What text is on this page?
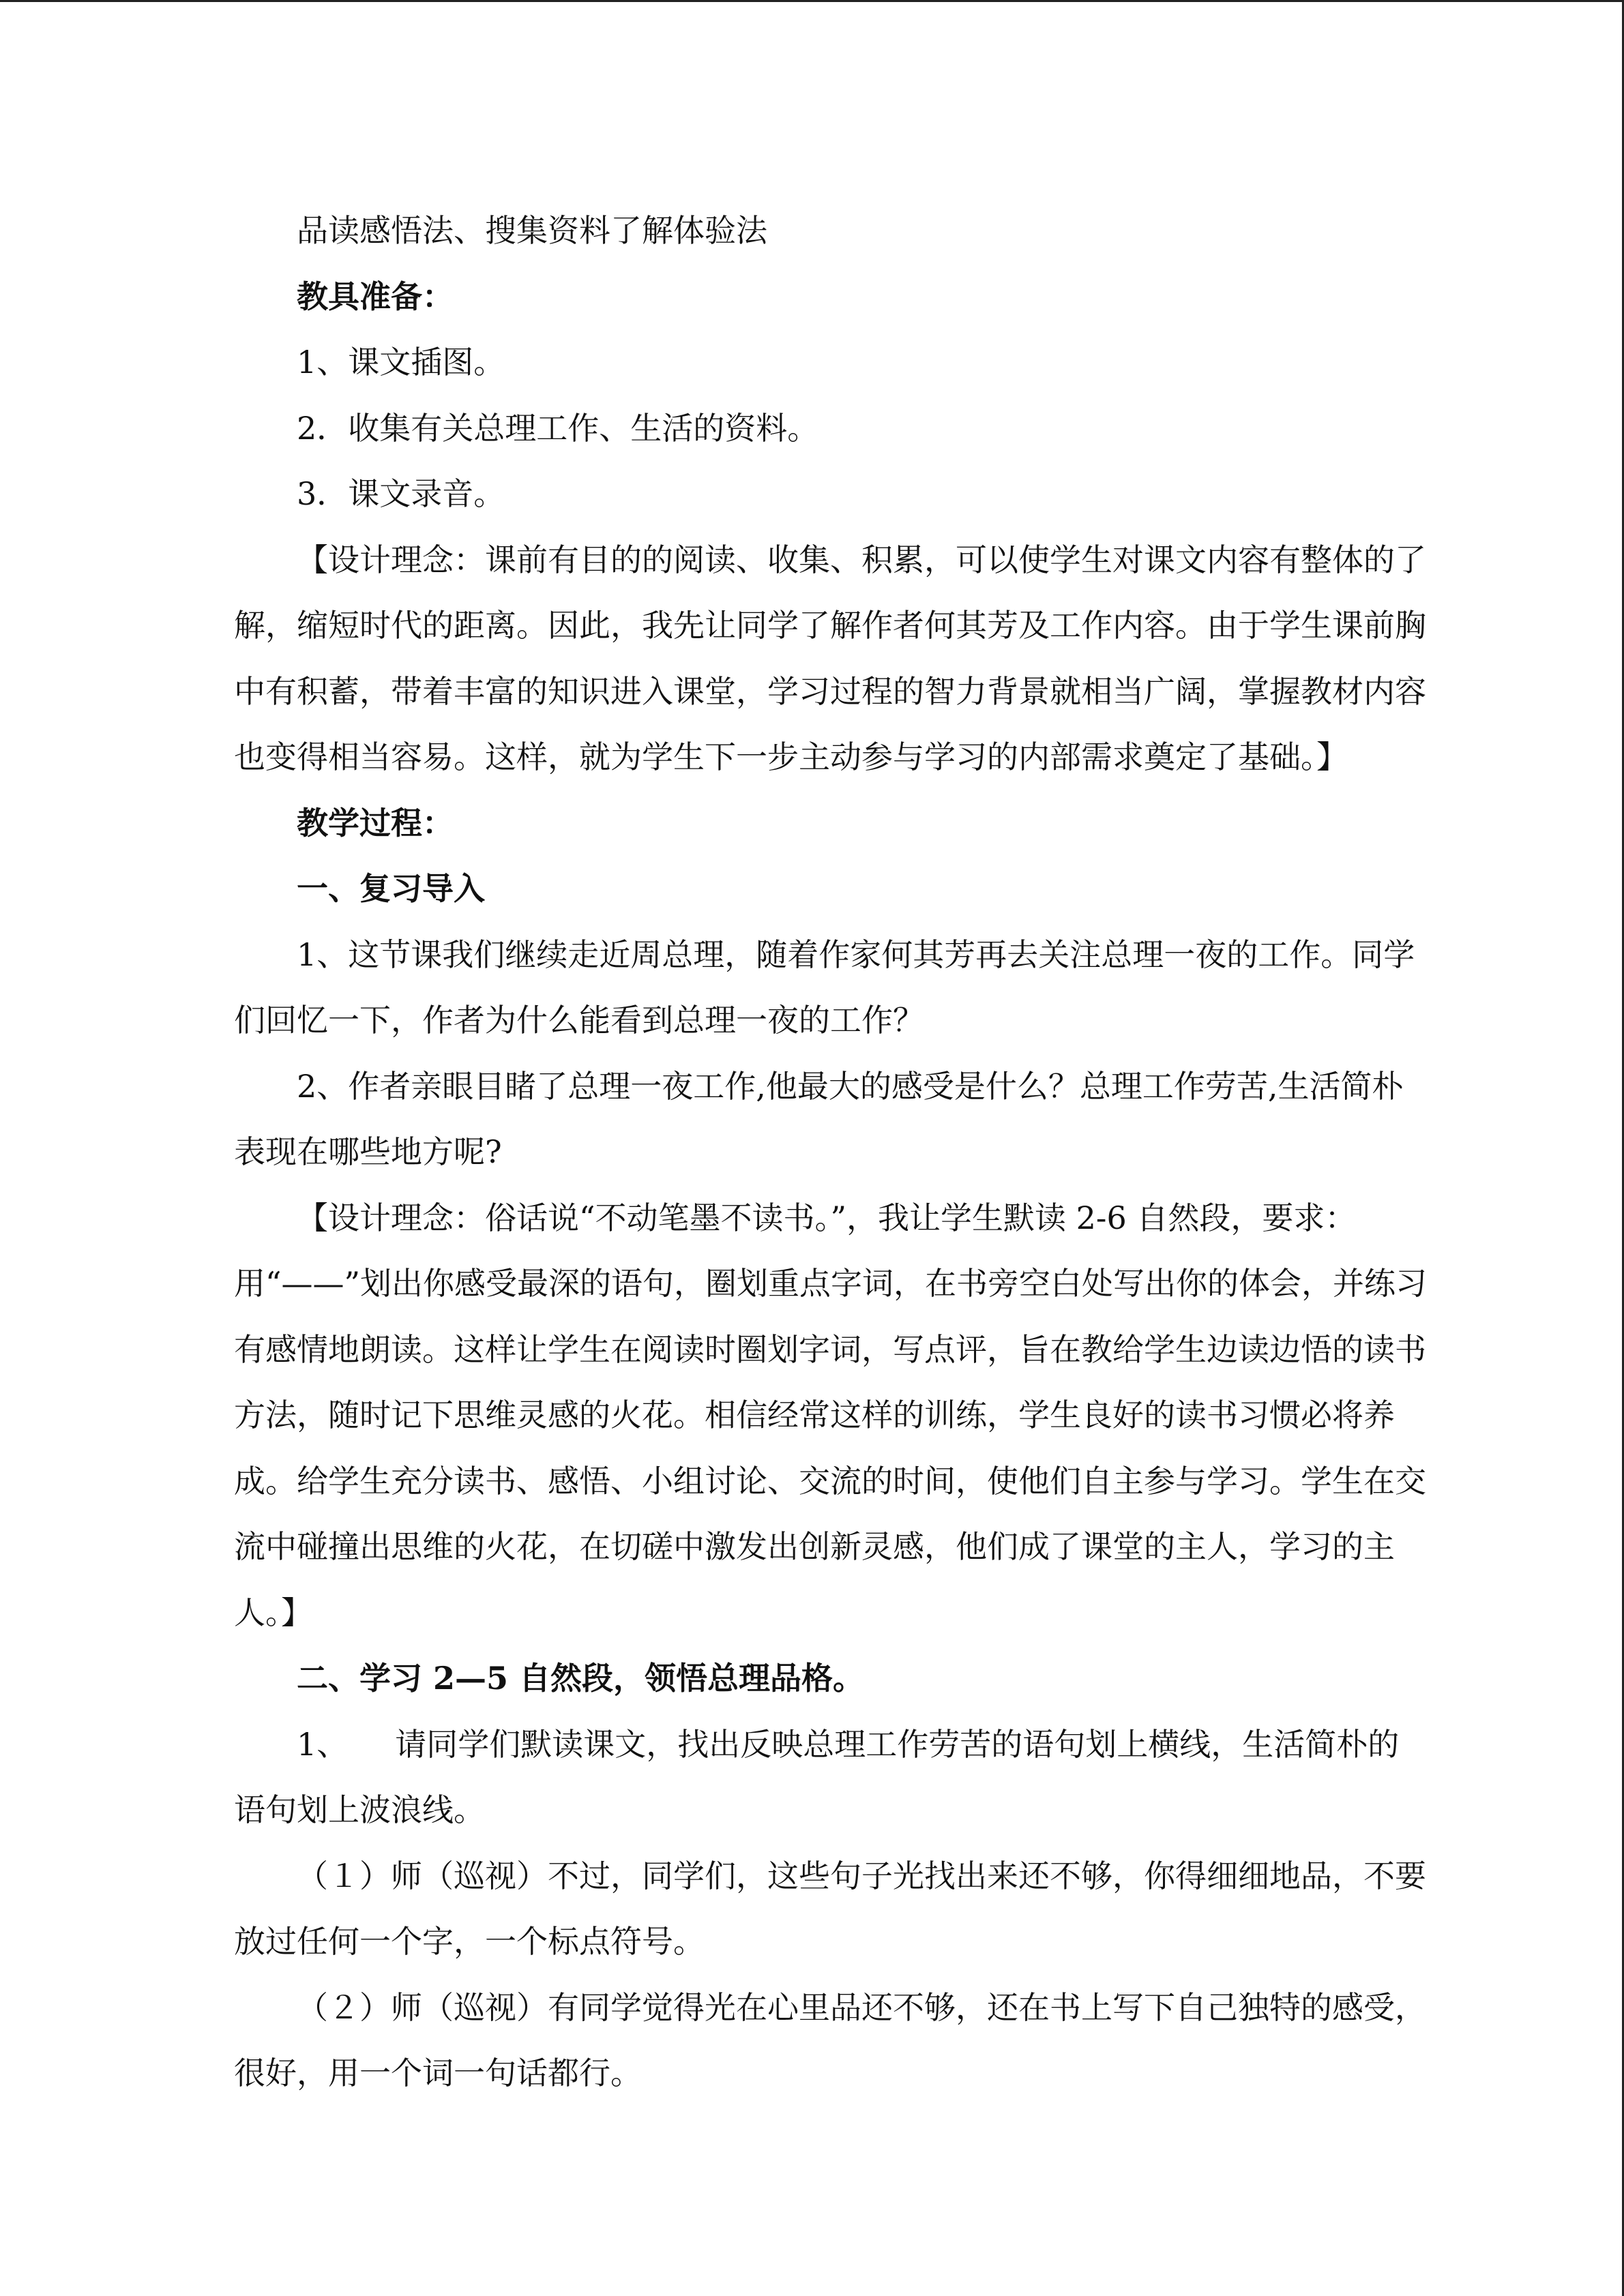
品读感悟法、搜集资料了解体验法

教具准备：

1、课文插图。

2．收集有关总理工作、生活的资料。

3．课文录音。

【设计理念：课前有目的的阅读、收集、积累，可以使学生对课文内容有整体的了解，缩短时代的距离。因此，我先让同学了解作者何其芳及工作内容。由于学生课前胸中有积蓄，带着丰富的知识进入课堂，学习过程的智力背景就相当广阔，掌握教材内容也变得相当容易。这样，就为学生下一步主动参与学习的内部需求奠定了基础。】

教学过程：

一、复习导入

1、这节课我们继续走近周总理，随着作家何其芳再去关注总理一夜的工作。同学们回忆一下，作者为什么能看到总理一夜的工作？

2、作者亲眼目睹了总理一夜工作,他最大的感受是什么？总理工作劳苦,生活简朴表现在哪些地方呢?

【设计理念：俗话说“不动笔墨不读书。”，我让学生默读 2-6 自然段，要求：用“——”划出你感受最深的语句，圈划重点字词，在书旁空白处写出你的体会，并练习有感情地朗读。这样让学生在阅读时圈划字词，写点评，旨在教给学生边读边悟的读书方法，随时记下思维灵感的火花。相信经常这样的训练，学生良好的读书习惯必将养成。给学生充分读书、感悟、小组讨论、交流的时间，使他们自主参与学习。学生在交流中碰撞出思维的火花，在切磋中激发出创新灵感，他们成了课堂的主人，学习的主人。】

二、学习 2—5 自然段，领悟总理品格。

1、　　请同学们默读课文，找出反映总理工作劳苦的语句划上横线，生活简朴的语句划上波浪线。

（１）师（巡视）不过，同学们，这些句子光找出来还不够，你得细细地品，不要放过任何一个字，一个标点符号。

（２）师（巡视）有同学觉得光在心里品还不够，还在书上写下自己独特的感受，很好，用一个词一句话都行。
